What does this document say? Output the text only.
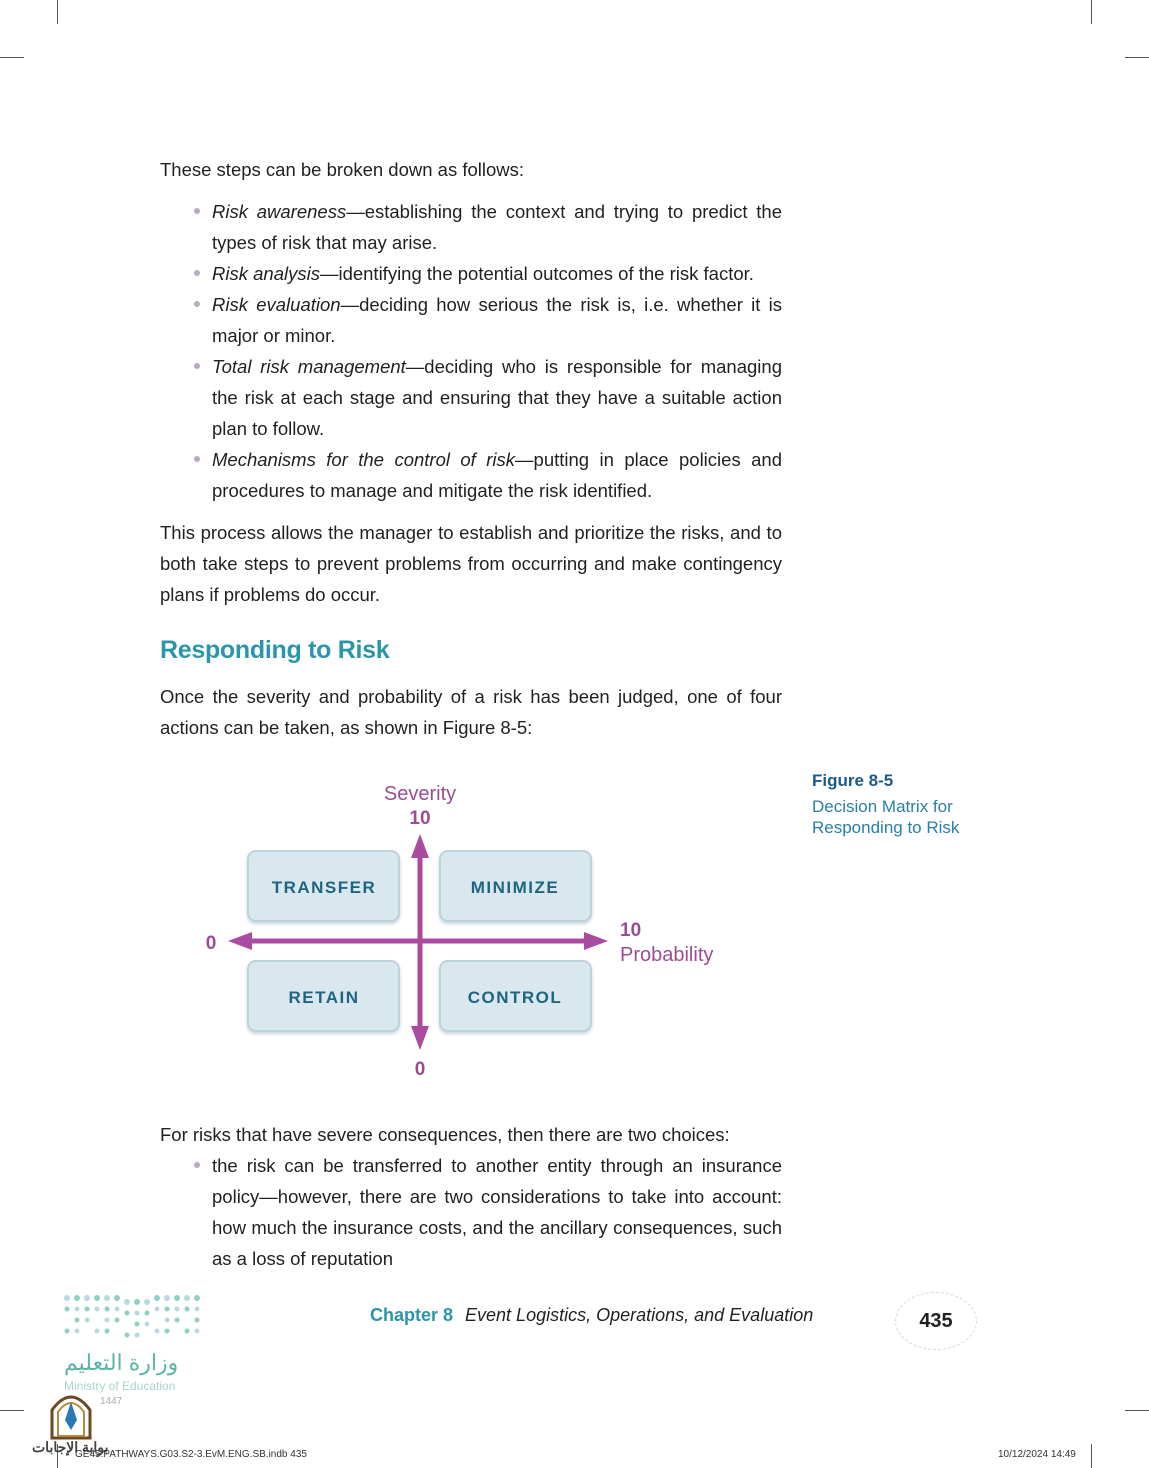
These steps can be broken down as follows:

Risk awareness—establishing the context and trying to predict the types of risk that may arise.
Risk analysis—identifying the potential outcomes of the risk factor.
Risk evaluation—deciding how serious the risk is, i.e. whether it is major or minor.
Total risk management—deciding who is responsible for managing the risk at each stage and ensuring that they have a suitable action plan to follow.
Mechanisms for the control of risk—putting in place policies and procedures to manage and mitigate the risk identified.

This process allows the manager to establish and prioritize the risks, and to both take steps to prevent problems from occurring and make contingency plans if problems do occur.

Responding to Risk

Once the severity and probability of a risk has been judged, one of four actions can be taken, as shown in Figure 8-5:

TRANSFER	MINIMIZE
RETAIN	CONTROL
Severity
10
0
0
10
Probability
Figure 8-5
Decision Matrix for
Responding to Risk

For risks that have severe consequences, then there are two choices:

the risk can be transferred to another entity through an insurance policy—however, there are two considerations to take into account: how much the insurance costs, and the ancillary consequences, such as a loss of reputation
Chapter 8 Event Logistics, Operations, and Evaluation	435
وزارة التعليم
Ministry of Education
1447
بوابة الإجابات
GE45.PATHWAYS.G03.S2-3.EvM.ENG.SB.indb 435	10/12/2024 14:49
